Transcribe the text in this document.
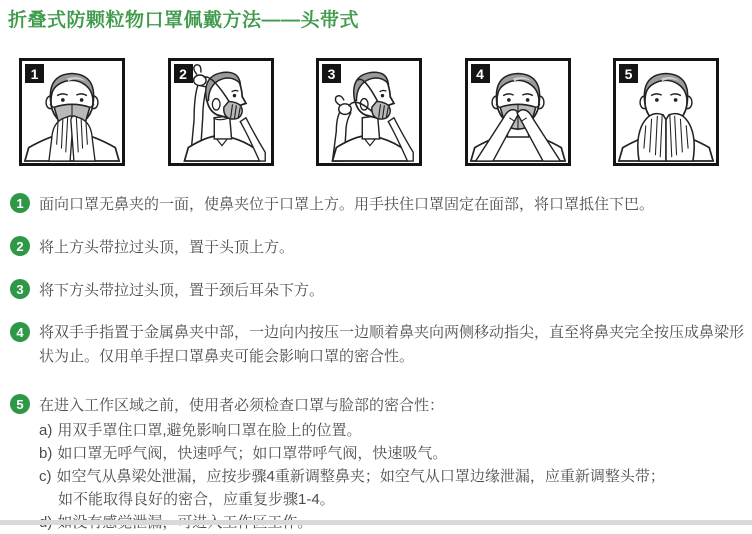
折叠式防颗粒物口罩佩戴方法——头带式
1	2	3	4	5
1	面向口罩无鼻夹的一面，使鼻夹位于口罩上方。用手扶住口罩固定在面部，将口罩抵住下巴。
2	将上方头带拉过头顶，置于头顶上方。
3	将下方头带拉过头顶，置于颈后耳朵下方。
4	将双手手指置于金属鼻夹中部，一边向内按压一边顺着鼻夹向两侧移动指尖，直至将鼻夹完全按压成鼻梁形状为止。仅用单手捏口罩鼻夹可能会影响口罩的密合性。
5	在进入工作区域之前，使用者必须检查口罩与脸部的密合性：
a) 用双手罩住口罩,避免影响口罩在脸上的位置。
b) 如口罩无呼气阀，快速呼气；如口罩带呼气阀，快速吸气。
c) 如空气从鼻梁处泄漏，应按步骤4重新调整鼻夹；如空气从口罩边缘泄漏，应重新调整头带；
如不能取得良好的密合，应重复步骤1-4。
